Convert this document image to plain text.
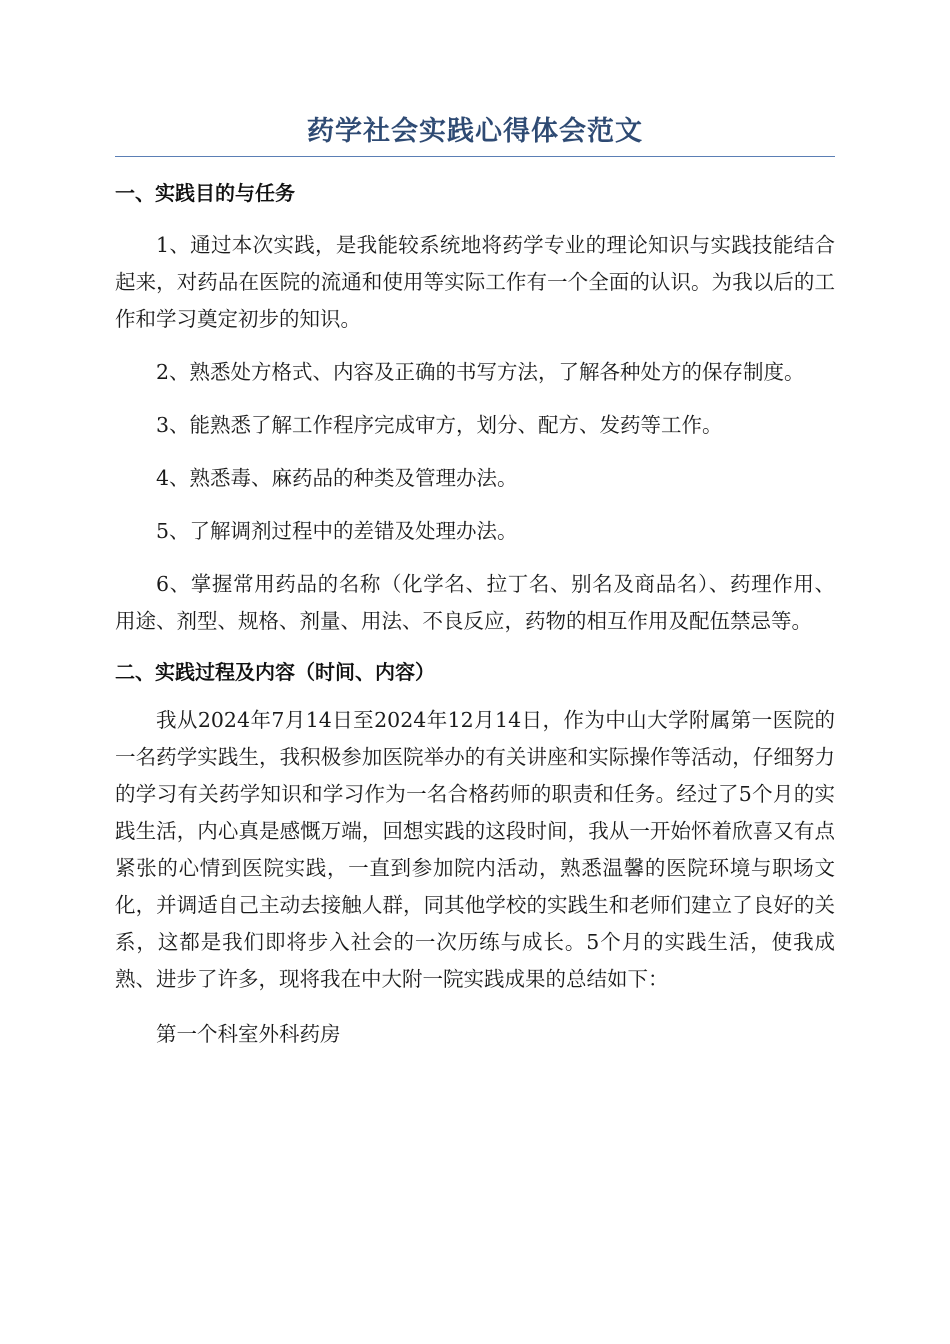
药学社会实践心得体会范文
一、实践目的与任务

1、通过本次实践，是我能较系统地将药学专业的理论知识与实践技能结合起来，对药品在医院的流通和使用等实际工作有一个全面的认识。为我以后的工作和学习奠定初步的知识。

2、熟悉处方格式、内容及正确的书写方法，了解各种处方的保存制度。

3、能熟悉了解工作程序完成审方，划分、配方、发药等工作。

4、熟悉毒、麻药品的种类及管理办法。

5、了解调剂过程中的差错及处理办法。

6、掌握常用药品的名称（化学名、拉丁名、别名及商品名）、药理作用、用途、剂型、规格、剂量、用法、不良反应，药物的相互作用及配伍禁忌等。

二、实践过程及内容（时间、内容）

我从2024年7月14日至2024年12月14日，作为中山大学附属第一医院的一名药学实践生，我积极参加医院举办的有关讲座和实际操作等活动，仔细努力的学习有关药学知识和学习作为一名合格药师的职责和任务。经过了5个月的实践生活，内心真是感慨万端，回想实践的这段时间，我从一开始怀着欣喜又有点紧张的心情到医院实践，一直到参加院内活动，熟悉温馨的医院环境与职场文化，并调适自己主动去接触人群，同其他学校的实践生和老师们建立了良好的关系，这都是我们即将步入社会的一次历练与成长。5个月的实践生活，使我成熟、进步了许多，现将我在中大附一院实践成果的总结如下：

第一个科室外科药房
